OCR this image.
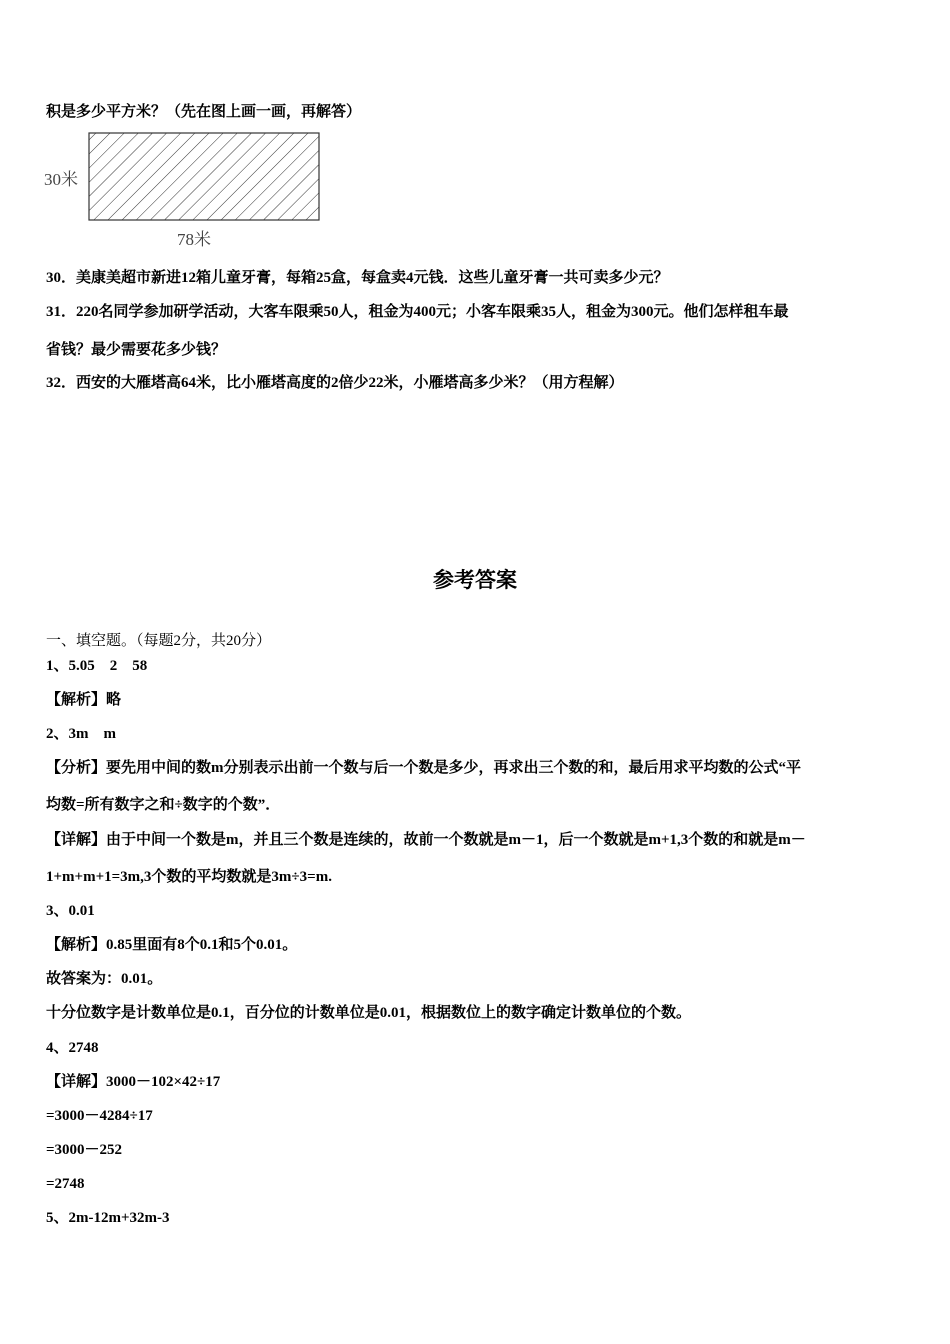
积是多少平方米？（先在图上画一画，再解答）
30米
78米
30．美康美超市新进12箱儿童牙膏，每箱25盒，每盒卖4元钱．这些儿童牙膏一共可卖多少元？
31．220名同学参加研学活动，大客车限乘50人，租金为400元；小客车限乘35人，租金为300元。他们怎样租车最
省钱？最少需要花多少钱？
32．西安的大雁塔高64米，比小雁塔高度的2倍少22米，小雁塔高多少米？（用方程解）
参考答案
一、填空题。（每题2分，共20分）
1、5.05　2　58
【解析】略
2、3m　m
【分析】要先用中间的数m分别表示出前一个数与后一个数是多少，再求出三个数的和，最后用求平均数的公式“平
均数=所有数字之和÷数字的个数”．
【详解】由于中间一个数是m，并且三个数是连续的，故前一个数就是m－1，后一个数就是m+1,3个数的和就是m－
1+m+m+1=3m,3个数的平均数就是3m÷3=m.
3、0.01
【解析】0.85里面有8个0.1和5个0.01。
故答案为：0.01。
十分位数字是计数单位是0.1，百分位的计数单位是0.01，根据数位上的数字确定计数单位的个数。
4、2748
【详解】3000－102×42÷17
=3000－4284÷17
=3000－252
=2748
5、2m-12m+32m-3
